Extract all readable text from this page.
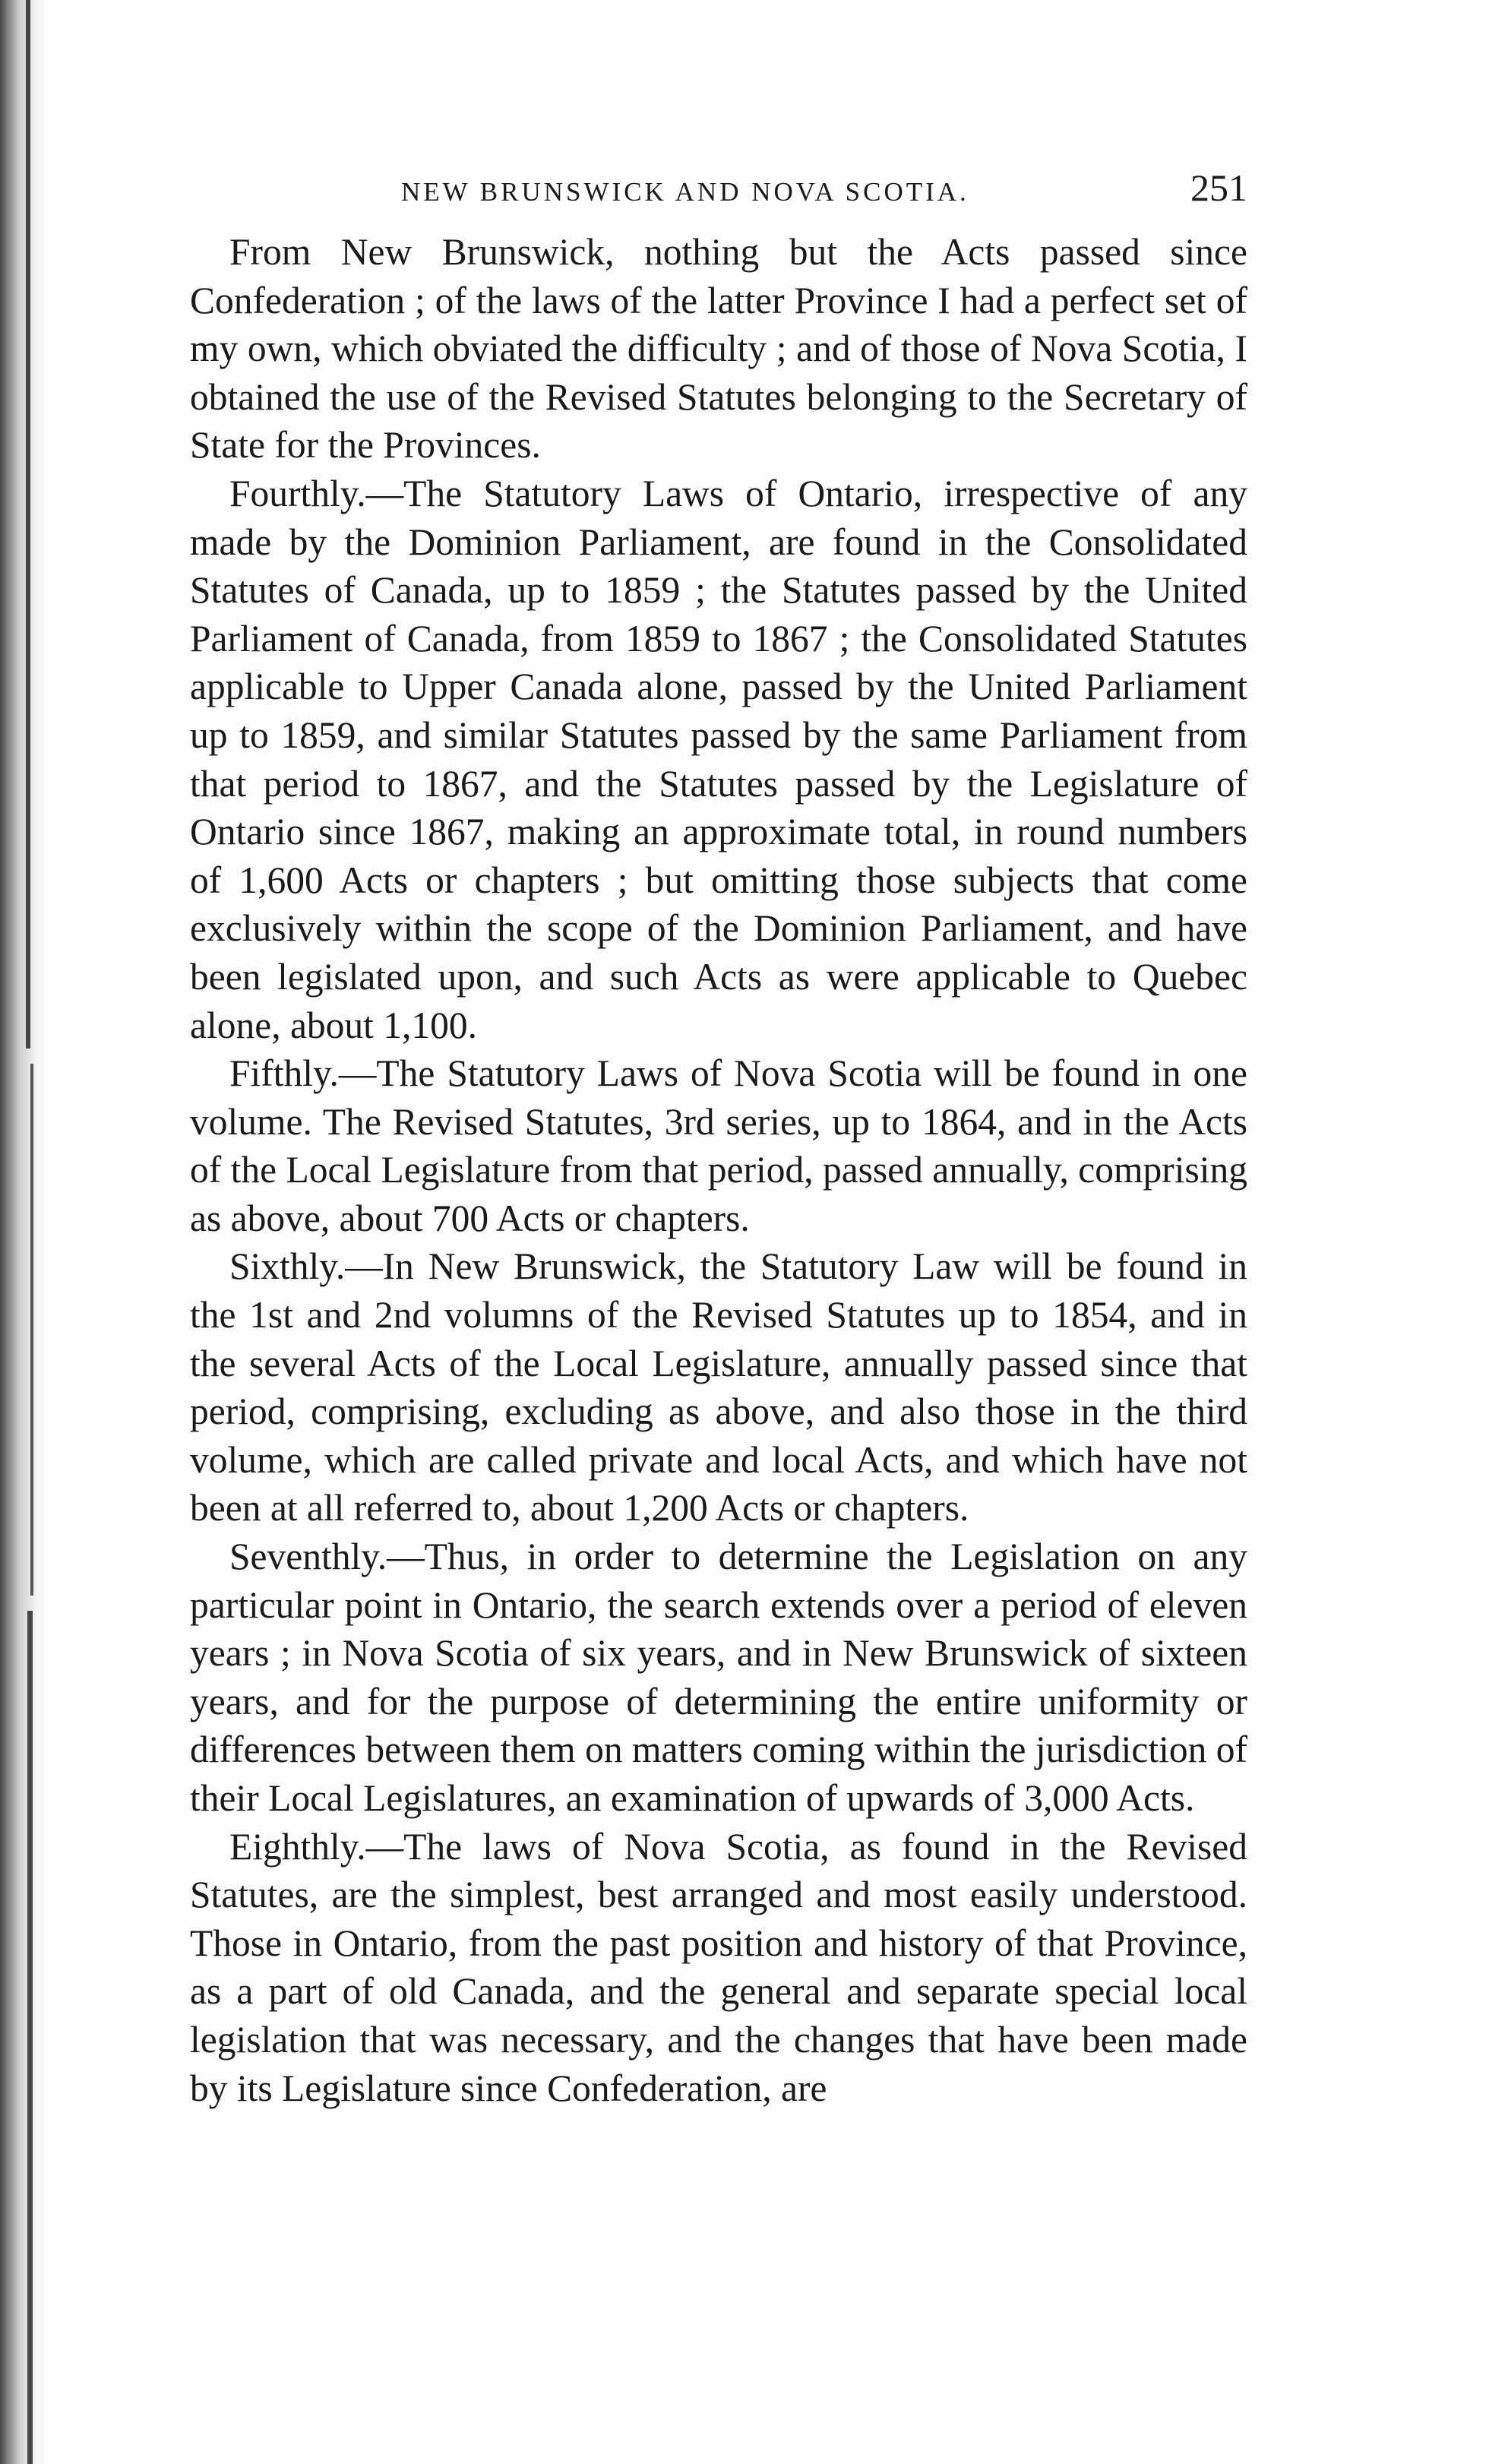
NEW BRUNSWICK AND NOVA SCOTIA.	251

From New Brunswick, nothing but the Acts passed since Confederation ; of the laws of the latter Province I had a perfect set of my own, which obviated the difficulty ; and of those of Nova Scotia, I obtained the use of the Revised Statutes belonging to the Secretary of State for the Provinces.

Fourthly.—The Statutory Laws of Ontario, irrespective of any made by the Dominion Parliament, are found in the Consolidated Statutes of Canada, up to 1859 ; the Statutes passed by the United Parliament of Canada, from 1859 to 1867 ; the Consolidated Statutes applicable to Upper Canada alone, passed by the United Parliament up to 1859, and similar Statutes passed by the same Parliament from that period to 1867, and the Statutes passed by the Legislature of Ontario since 1867, making an approximate total, in round numbers of 1,600 Acts or chapters ; but omitting those subjects that come exclusively within the scope of the Dominion Parliament, and have been legislated upon, and such Acts as were applicable to Quebec alone, about 1,100.

Fifthly.—The Statutory Laws of Nova Scotia will be found in one volume. The Revised Statutes, 3rd series, up to 1864, and in the Acts of the Local Legislature from that period, passed annually, comprising as above, about 700 Acts or chapters.

Sixthly.—In New Brunswick, the Statutory Law will be found in the 1st and 2nd volumns of the Revised Statutes up to 1854, and in the several Acts of the Local Legislature, annually passed since that period, comprising, excluding as above, and also those in the third volume, which are called private and local Acts, and which have not been at all referred to, about 1,200 Acts or chapters.

Seventhly.—Thus, in order to determine the Legislation on any particular point in Ontario, the search extends over a period of eleven years ; in Nova Scotia of six years, and in New Brunswick of sixteen years, and for the purpose of determining the entire uniformity or differences between them on matters coming within the jurisdiction of their Local Legislatures, an examination of upwards of 3,000 Acts.

Eighthly.—The laws of Nova Scotia, as found in the Revised Statutes, are the simplest, best arranged and most easily understood. Those in Ontario, from the past position and history of that Province, as a part of old Canada, and the general and separate special local legislation that was necessary, and the changes that have been made by its Legislature since Confederation, are
